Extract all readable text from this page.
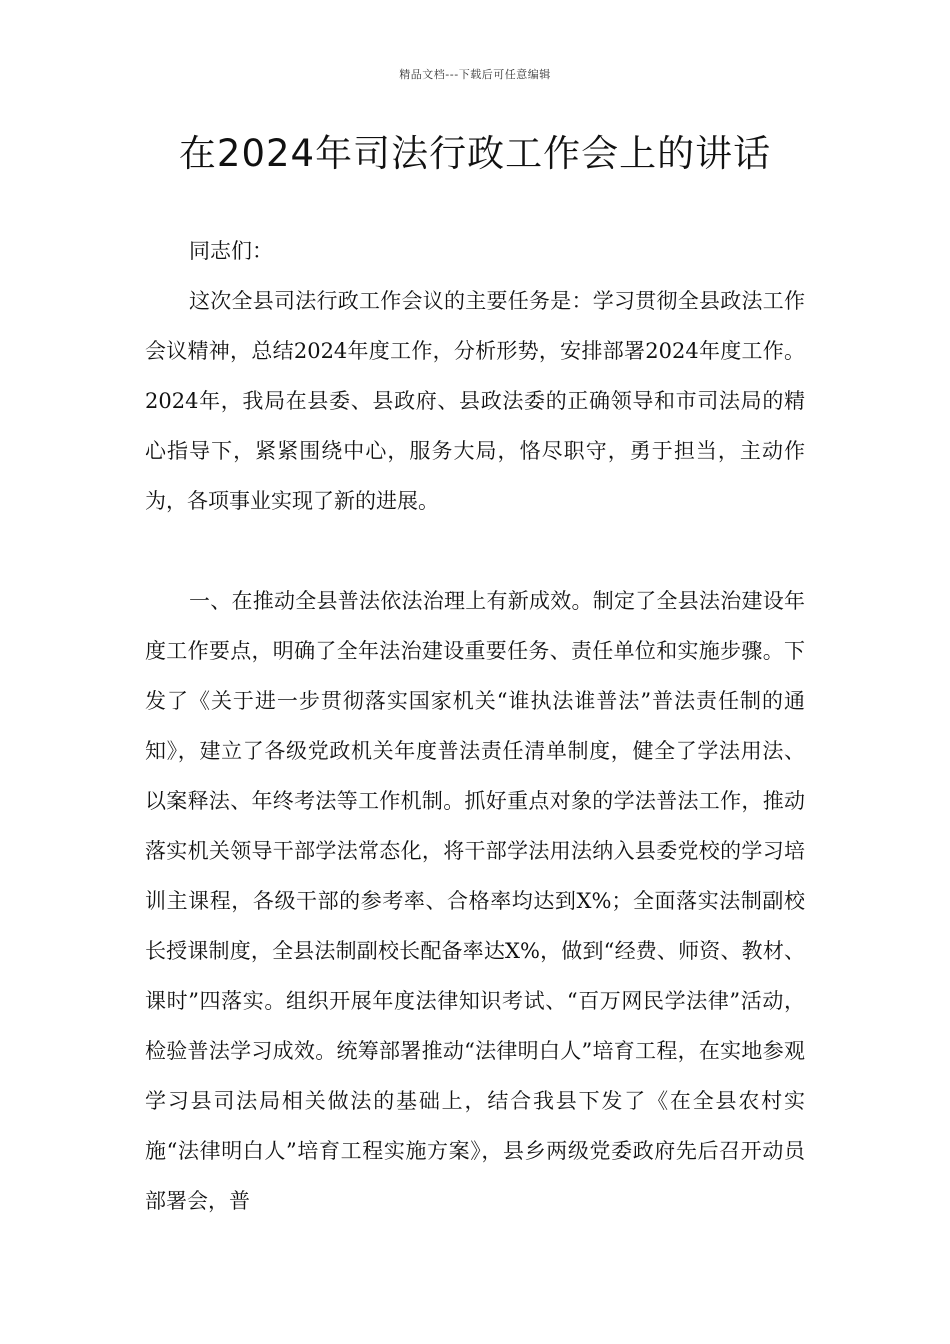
精品文档---下载后可任意编辑
在2024年司法行政工作会上的讲话

同志们：

这次全县司法行政工作会议的主要任务是：学习贯彻全县政法工作会议精神，总结2024年度工作，分析形势，安排部署2024年度工作。2024年，我局在县委、县政府、县政法委的正确领导和市司法局的精心指导下，紧紧围绕中心，服务大局，恪尽职守，勇于担当，主动作为，各项事业实现了新的进展。

一、在推动全县普法依法治理上有新成效。制定了全县法治建设年度工作要点，明确了全年法治建设重要任务、责任单位和实施步骤。下发了《关于进一步贯彻落实国家机关“谁执法谁普法”普法责任制的通知》，建立了各级党政机关年度普法责任清单制度，健全了学法用法、以案释法、年终考法等工作机制。抓好重点对象的学法普法工作，推动落实机关领导干部学法常态化，将干部学法用法纳入县委党校的学习培训主课程，各级干部的参考率、合格率均达到X%；全面落实法制副校长授课制度，全县法制副校长配备率达X%，做到“经费、师资、教材、课时”四落实。组织开展年度法律知识考试、“百万网民学法律”活动，检验普法学习成效。统筹部署推动“法律明白人”培育工程，在实地参观学习县司法局相关做法的基础上，结合我县下发了《在全县农村实施“法律明白人”培育工程实施方案》，县乡两级党委政府先后召开动员部署会，普
